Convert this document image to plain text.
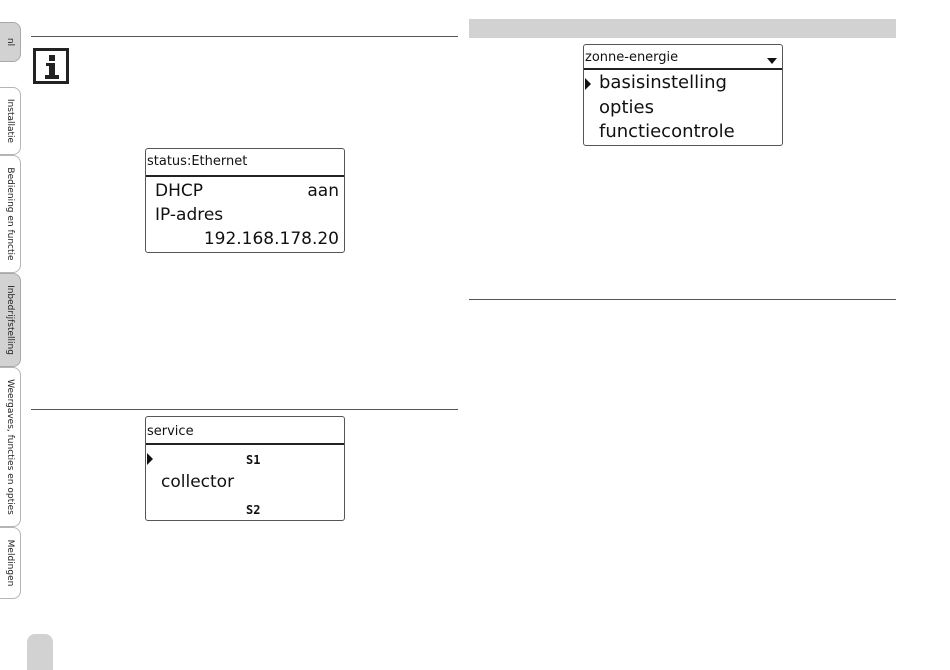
nl
Installatie
Bediening en functie
Inbedrijfstelling
Weergaves, functies en opties
Meldingen
status:Ethernet
DHCP	aan
IP-adres
192.168.178.20
service
S1
collector
S2
zonne-energie
basisinstelling
opties
functiecontrole
